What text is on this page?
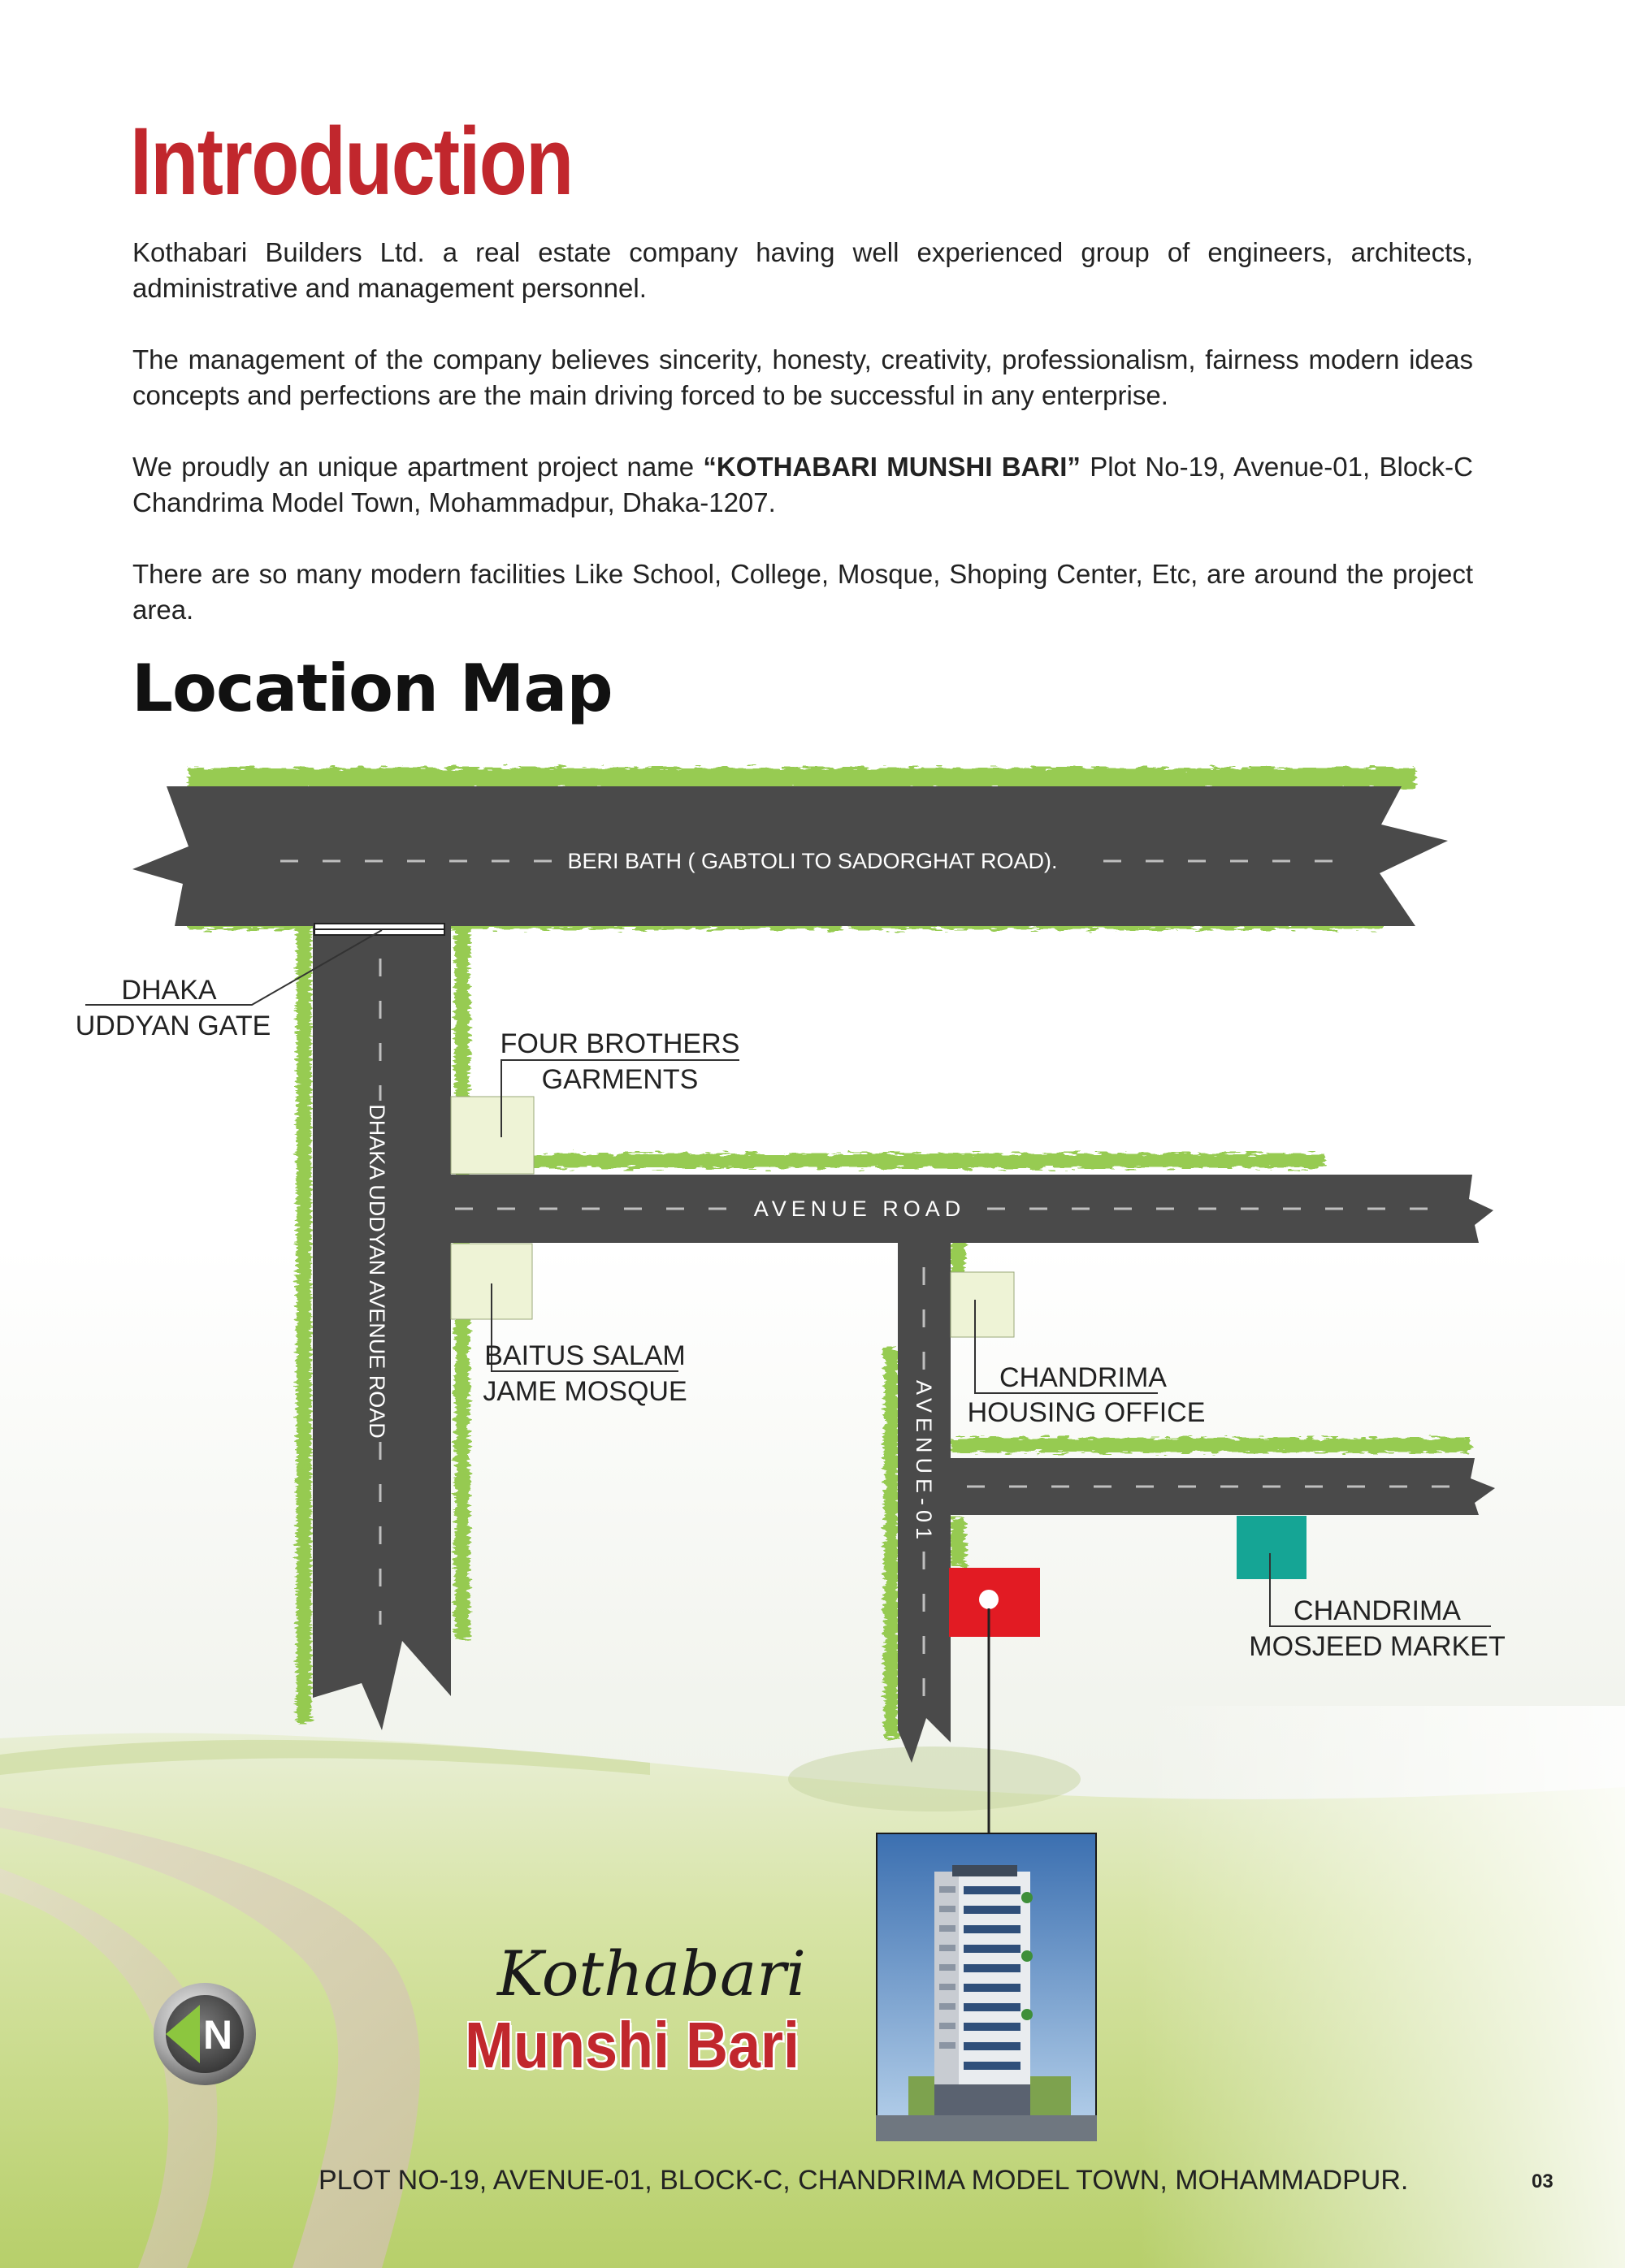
Introduction

Kothabari Builders Ltd. a real estate company having well experienced group of engineers, architects, administrative and management personnel.

The management of the company believes sincerity, honesty, creativity, professionalism, fairness modern ideas concepts and perfections are the main driving forced to be successful in any enterprise.

We proudly an unique apartment project name “KOTHABARI MUNSHI BARI” Plot No-19, Avenue-01, Block-C Chandrima Model Town, Mohammadpur, Dhaka-1207.

There are so many modern facilities Like School, College, Mosque, Shoping Center, Etc, are around the project area.

Location Map
BERI BATH ( GABTOLI TO SADORGHAT ROAD).
AVENUE ROAD
DHAKA UDDYAN AVENUE ROAD
AVENUE-01
DHAKA
UDDYAN GATE
FOUR BROTHERS
GARMENTS
BAITUS SALAM
JAME MOSQUE	CHANDRIMA
HOUSING OFFICE
CHANDRIMA
MOSJEED MARKET
N

Kothabari

Munshi Bari

PLOT NO-19, AVENUE-01, BLOCK-C, CHANDRIMA MODEL TOWN, MOHAMMADPUR.	03
